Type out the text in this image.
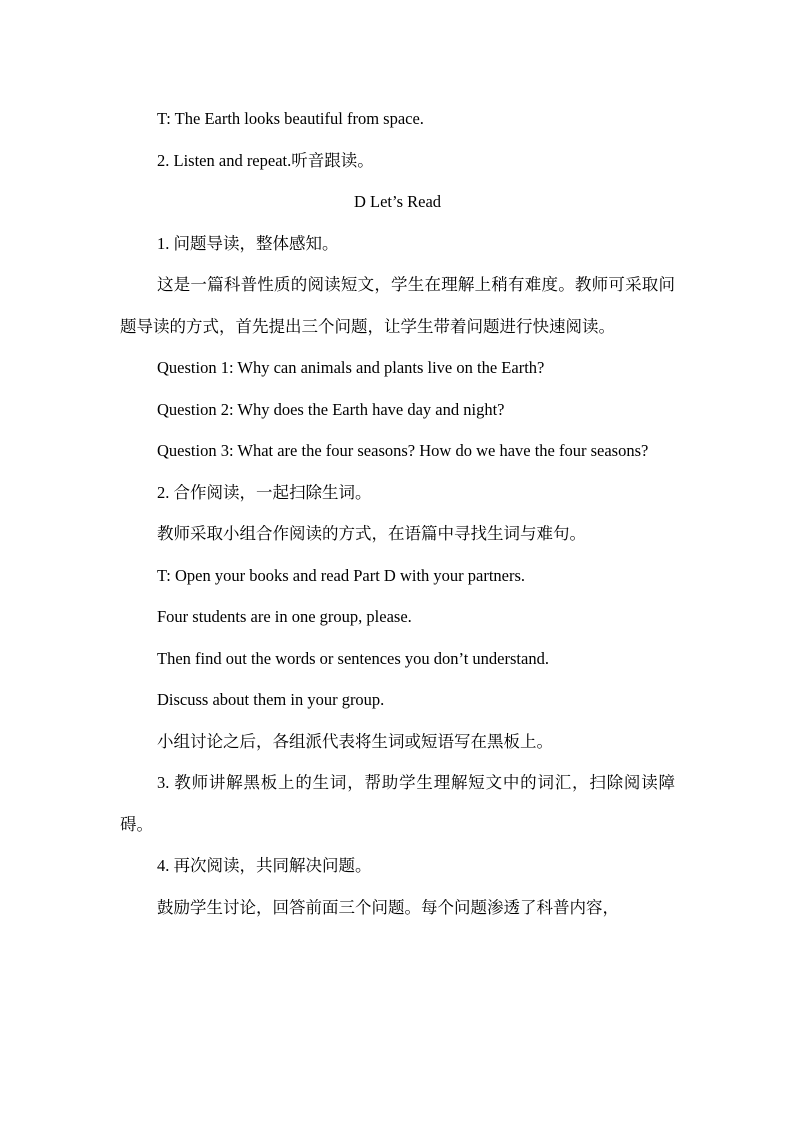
T: The Earth looks beautiful from space.
2. Listen and repeat.听音跟读。
D Let’s Read
1. 问题导读，整体感知。

这是一篇科普性质的阅读短文，学生在理解上稍有难度。教师可采取问题导读的方式，首先提出三个问题，让学生带着问题进行快速阅读。

Question 1: Why can animals and plants live on the Earth?
Question 2: Why does the Earth have day and night?

Question 3: What are the four seasons? How do we have the four seasons?

2. 合作阅读，一起扫除生词。
教师采取小组合作阅读的方式，在语篇中寻找生词与难句。
T: Open your books and read Part D with your partners.
Four students are in one group, please.
Then find out the words or sentences you don’t understand.
Discuss about them in your group.
小组讨论之后，各组派代表将生词或短语写在黑板上。

3. 教师讲解黑板上的生词，帮助学生理解短文中的词汇，扫除阅读障碍。

4. 再次阅读，共同解决问题。
鼓励学生讨论，回答前面三个问题。每个问题渗透了科普内容，
